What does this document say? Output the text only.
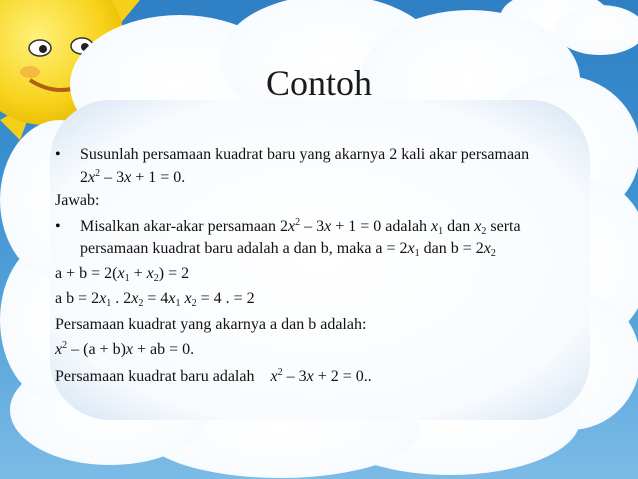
Contoh
• Susunlah persamaan kuadrat baru yang akarnya 2 kali akar persamaan
$2x^2 - 3x + 1 = 0$.
Jawab:
• Misalkan akar-akar persamaan $2x^2 - 3x + 1 = 0$ adalah $x_1$ dan $x_2$ serta
persamaan kuadrat baru adalah a dan b, maka $a = 2x_1$ dan $b = 2x_2$
$a + b = 2(x_1 + x_2) = 2$
a $b = 2x_1$ . $2x_2 = 4x_1$ $x_2 = 4$ . = 2
Persamaan kuadrat yang akarnya a dan b adalah:
$x^2 - (a + b)x$ + ab = 0.
Persamaan kuadrat baru adalah    $x^2 - 3x + 2 = 0$..
